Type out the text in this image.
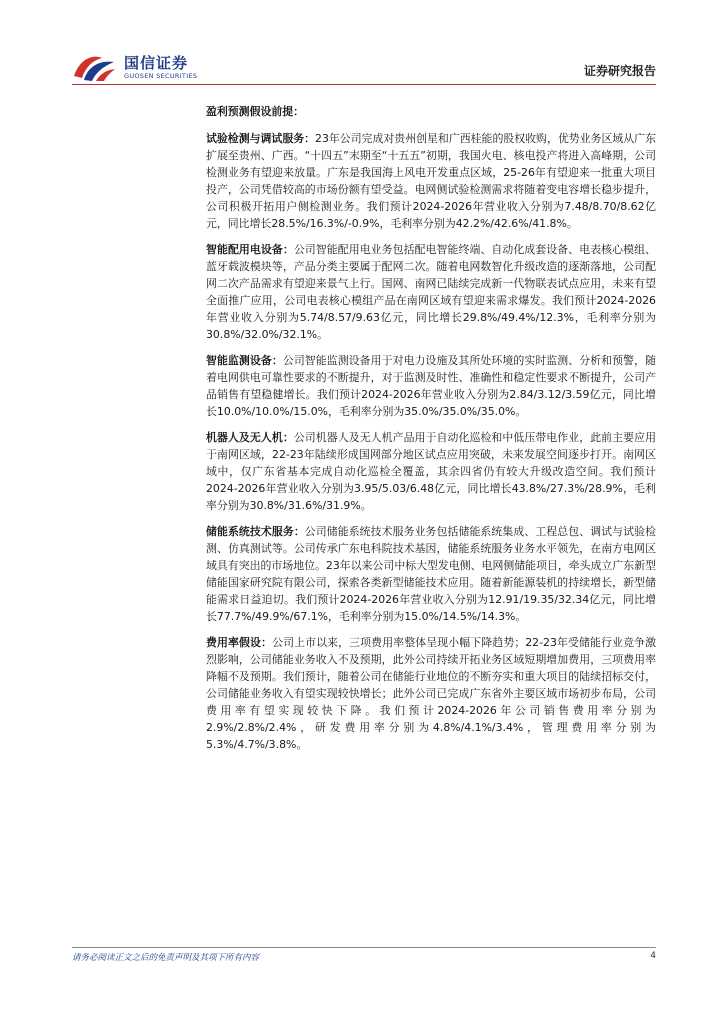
国信证券
GUOSEN SECURITIES	证券研究报告

盈利预测假设前提：

试验检测与调试服务：23年公司完成对贵州创星和广西桂能的股权收购，优势业务区域从广东扩展至贵州、广西。“十四五”末期至“十五五”初期，我国火电、核电投产将进入高峰期，公司检测业务有望迎来放量。广东是我国海上风电开发重点区域，25-26年有望迎来一批重大项目投产，公司凭借较高的市场份额有望受益。电网侧试验检测需求将随着变电容增长稳步提升，公司积极开拓用户侧检测业务。我们预计2024-2026年营业收入分别为7.48/8.70/8.62亿元，同比增长28.5%/16.3%/-0.9%，毛利率分别为42.2%/42.6%/41.8%。

智能配用电设备：公司智能配用电业务包括配电智能终端、自动化成套设备、电表核心模组、蓝牙载波模块等，产品分类主要属于配网二次。随着电网数智化升级改造的逐渐落地，公司配网二次产品需求有望迎来景气上行。国网、南网已陆续完成新一代物联表试点应用，未来有望全面推广应用，公司电表核心模组产品在南网区域有望迎来需求爆发。我们预计2024-2026年营业收入分别为5.74/8.57/9.63亿元，同比增长29.8%/49.4%/12.3%，毛利率分别为30.8%/32.0%/32.1%。

智能监测设备：公司智能监测设备用于对电力设施及其所处环境的实时监测、分析和预警，随着电网供电可靠性要求的不断提升，对于监测及时性、准确性和稳定性要求不断提升，公司产品销售有望稳健增长。我们预计2024-2026年营业收入分别为2.84/3.12/3.59亿元，同比增长10.0%/10.0%/15.0%，毛利率分别为35.0%/35.0%/35.0%。

机器人及无人机：公司机器人及无人机产品用于自动化巡检和中低压带电作业，此前主要应用于南网区域，22-23年陆续形成国网部分地区试点应用突破，未来发展空间逐步打开。南网区域中，仅广东省基本完成自动化巡检全覆盖，其余四省仍有较大升级改造空间。我们预计2024-2026年营业收入分别为3.95/5.03/6.48亿元，同比增长43.8%/27.3%/28.9%，毛利率分别为30.8%/31.6%/31.9%。

储能系统技术服务：公司储能系统技术服务业务包括储能系统集成、工程总包、调试与试验检测、仿真测试等。公司传承广东电科院技术基因，储能系统服务业务水平领先，在南方电网区域具有突出的市场地位。23年以来公司中标大型发电侧、电网侧储能项目，牵头成立广东新型储能国家研究院有限公司，探索各类新型储能技术应用。随着新能源装机的持续增长，新型储能需求日益迫切。我们预计2024-2026年营业收入分别为12.91/19.35/32.34亿元，同比增长77.7%/49.9%/67.1%，毛利率分别为15.0%/14.5%/14.3%。

费用率假设：公司上市以来，三项费用率整体呈现小幅下降趋势；22-23年受储能行业竞争激烈影响，公司储能业务收入不及预期，此外公司持续开拓业务区域短期增加费用，三项费用率降幅不及预期。我们预计，随着公司在储能行业地位的不断夯实和重大项目的陆续招标交付，公司储能业务收入有望实现较快增长；此外公司已完成广东省外主要区域市场初步布局，公司费用率有望实现较快下降。我们预计2024-2026年公司销售费用率分别为2.9%/2.8%/2.4%，研发费用率分别为4.8%/4.1%/3.4%，管理费用率分别为5.3%/4.7%/3.8%。

请务必阅读正文之后的免责声明及其项下所有内容	4
